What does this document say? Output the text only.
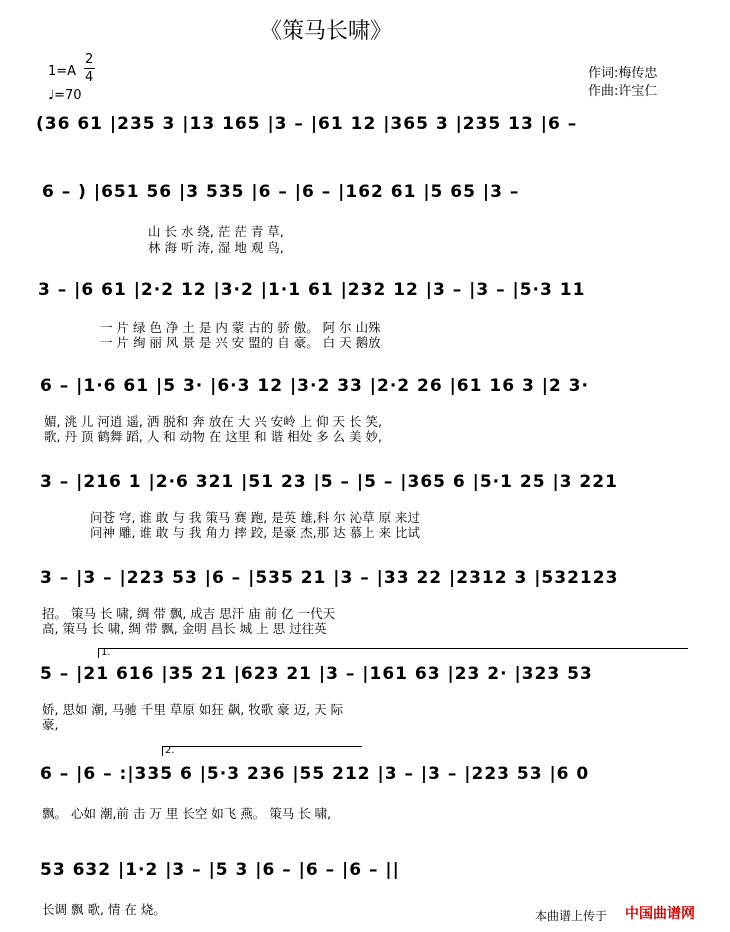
《策马长啸》
1=A
2
4
♩=70
作词:梅传忠
作曲:许宝仁
(36 61 |235 3 |13 165 |3 – |61 12 |365 3 |235 13 |6 –
6 – ) |651 56 |3 535 |6 – |6 – |162 61 |5 65 |3 –
山 长 水 绕, 茫 茫 青 草,
林 海 听 涛, 湿 地 观 鸟,
3 – |6 61 |2·2 12 |3·2 |1·1 61 |232 12 |3 – |3 – |5·3 11
一 片 绿 色 净 土 是 内 蒙 古的 骄 傲。 阿 尔 山殊
一 片 绚 丽 风 景 是 兴 安 盟的 自 豪。 白 天 鹅放
6 – |1·6 61 |5 3· |6·3 12 |3·2 33 |2·2 26 |61 16 3 |2 3·
媚, 洮 儿 河逍 遥, 洒 脱和 奔 放在 大 兴 安岭 上 仰 天 长 笑,
歌, 丹 顶 鹤舞 蹈, 人 和 动物 在 这里 和 谐 相处 多 么 美 妙,
3 – |216 1 |2·6 321 |51 23 |5 – |5 – |365 6 |5·1 25 |3 221
问苍 穹, 谁 敢 与 我 策马 赛 跑, 是英 雄,科 尔 沁草 原 来过
问神 雕, 谁 敢 与 我 角力 摔 跤, 是豪 杰,那 达 慕上 来 比试
3 – |3 – |223 53 |6 – |535 21 |3 – |33 22 |2312 3 |532123
招。 策马 长 啸, 绸 带 飘, 成吉 思汗 庙 前 亿 一代天
高, 策马 长 啸, 绸 带 飘, 金明 昌长 城 上 思 过往英
1.
5 – |21 616 |35 21 |623 21 |3 – |161 63 |23 2· |323 53
娇, 思如 潮, 马驰 千里 草原 如狂 飙, 牧歌 豪 迈, 天 际
豪,
2.
6 – |6 – :|335 6 |5·3 236 |55 212 |3 – |3 – |223 53 |6 0
飘。 心如 潮,前 击 万 里 长空 如飞 燕。 策马 长 啸,
53 632 |1·2 |3 – |5 3 |6 – |6 – |6 – ||
长调 飘 歌, 情 在 烧。	本曲谱上传于 中国曲谱网
